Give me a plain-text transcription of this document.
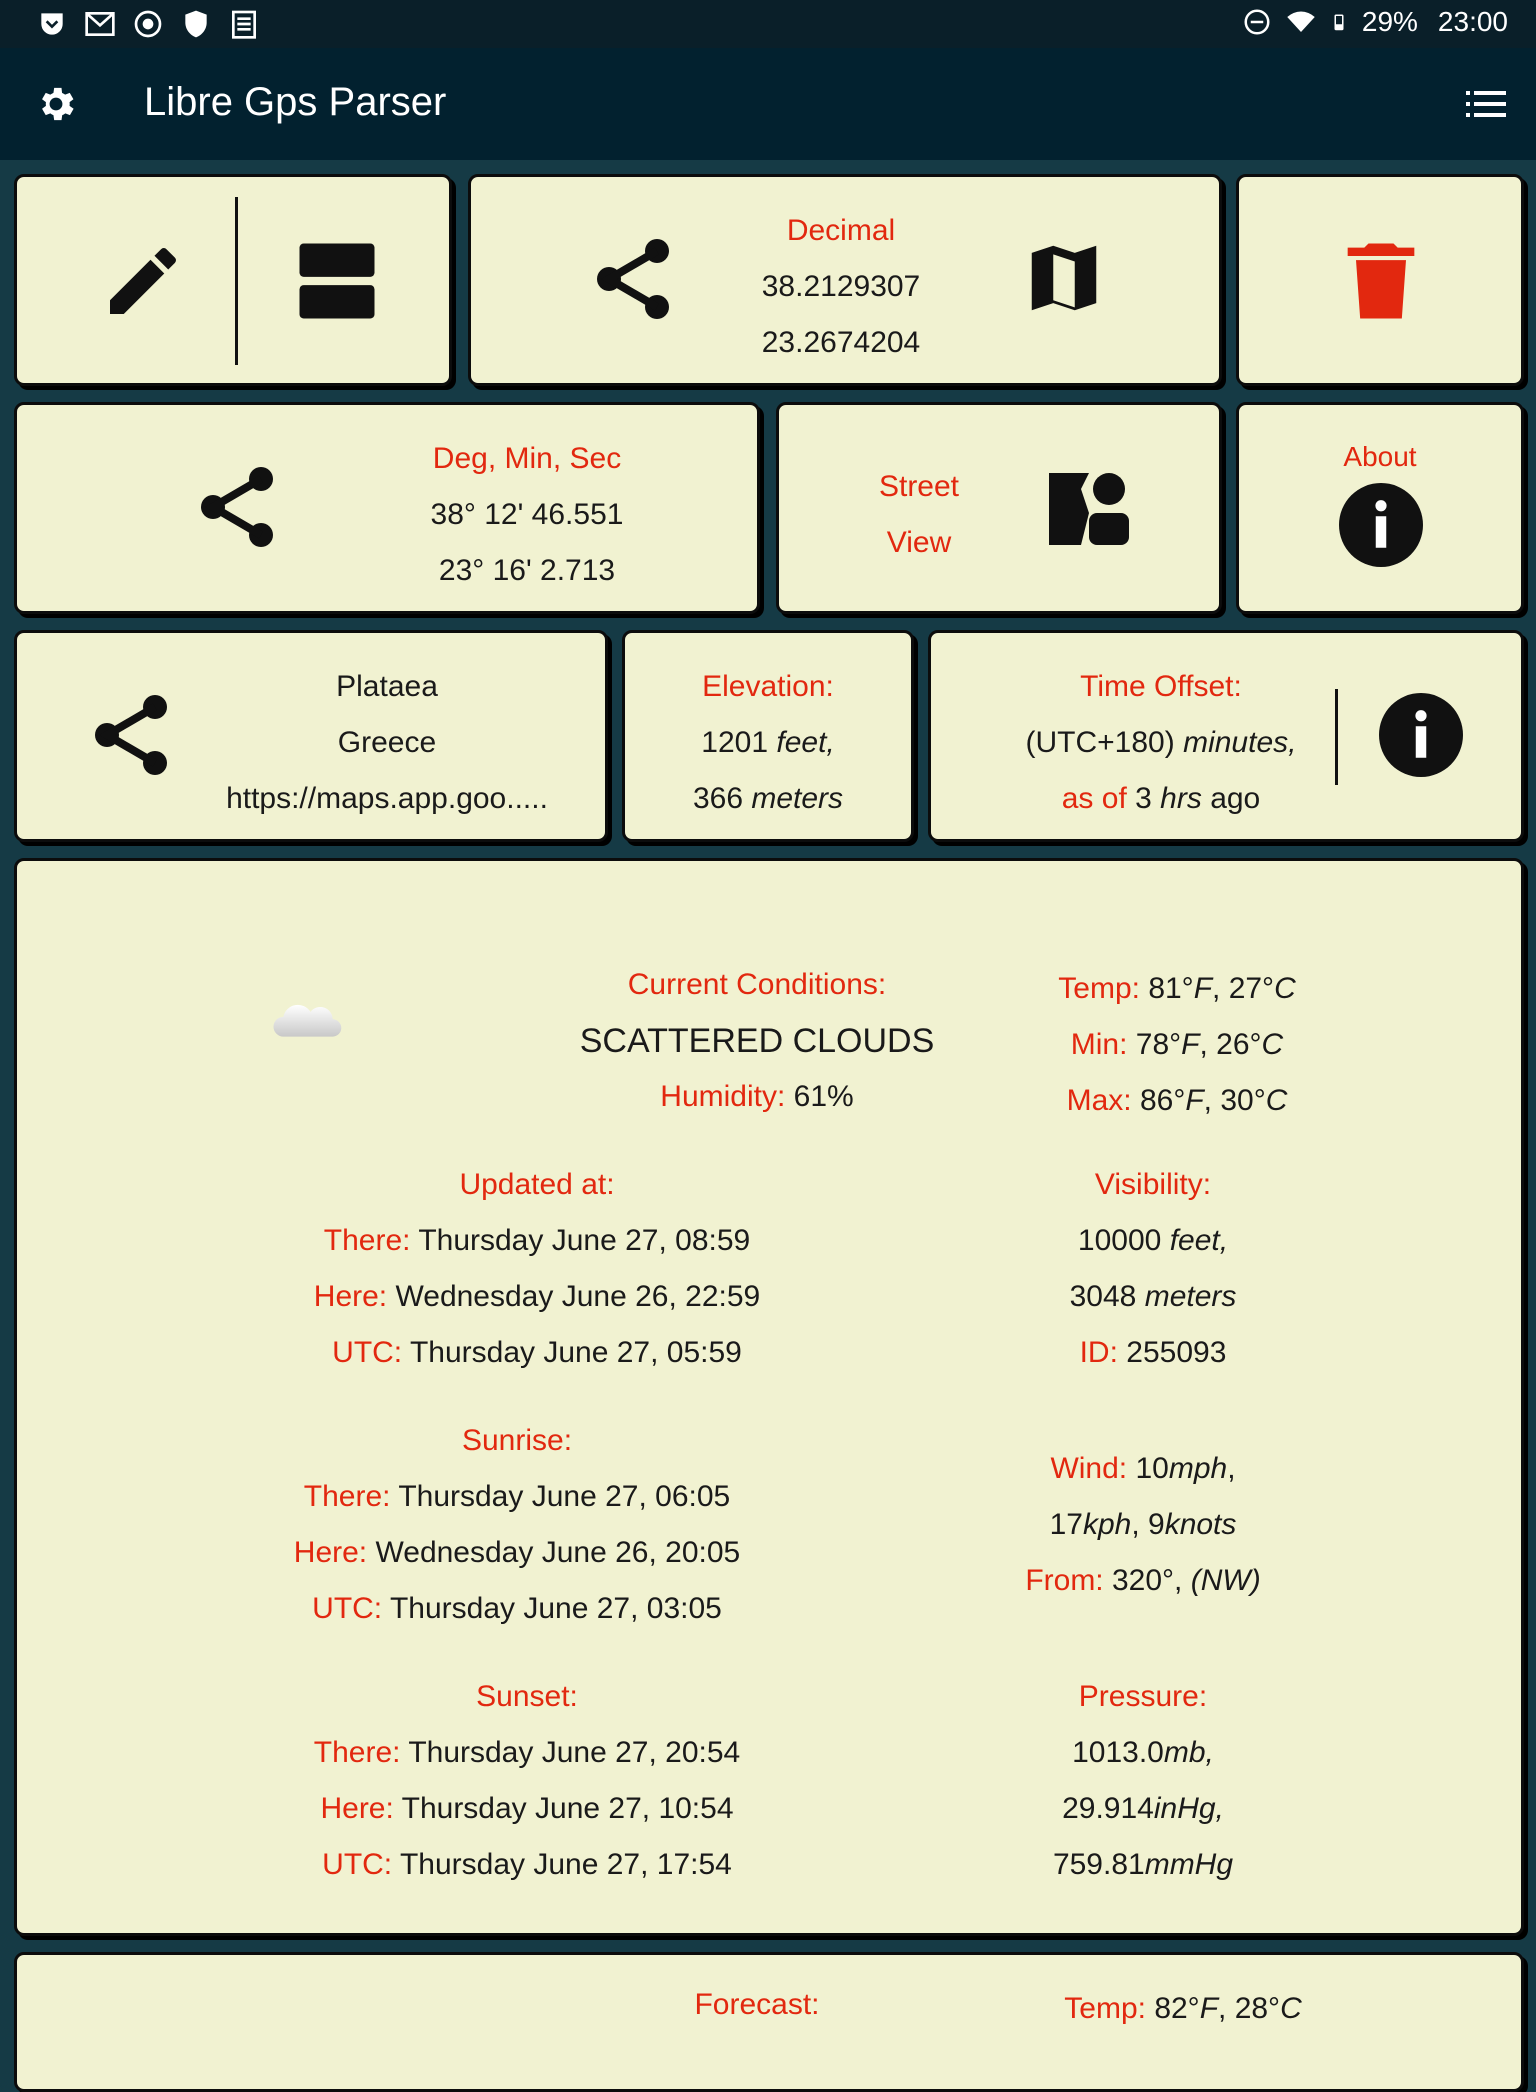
29% 23:00
Libre Gps Parser
Decimal
38.2129307
23.2674204
Deg, Min, Sec
38° 12' 46.551
23° 16' 2.713
Street
View
About
Plataea
Greece
https://maps.app.goo.....
Elevation:
1201 feet,
366 meters
Time Offset:
(UTC+180) minutes,
as of 3 hrs ago
Current Conditions:
SCATTERED CLOUDS
Humidity: 61%
Temp: 81°F, 27°C
Min: 78°F, 26°C
Max: 86°F, 30°C
Updated at:
There: Thursday June 27, 08:59
Here: Wednesday June 26, 22:59
UTC: Thursday June 27, 05:59
Visibility:
10000 feet,
3048 meters
ID: 255093
Sunrise:
There: Thursday June 27, 06:05
Here: Wednesday June 26, 20:05
UTC: Thursday June 27, 03:05
Wind: 10mph,
17kph, 9knots
From: 320°, (NW)
Sunset:
There: Thursday June 27, 20:54
Here: Thursday June 27, 10:54
UTC: Thursday June 27, 17:54
Pressure:
1013.0mb,
29.914inHg,
759.81mmHg
Forecast:	Temp: 82°F, 28°C
